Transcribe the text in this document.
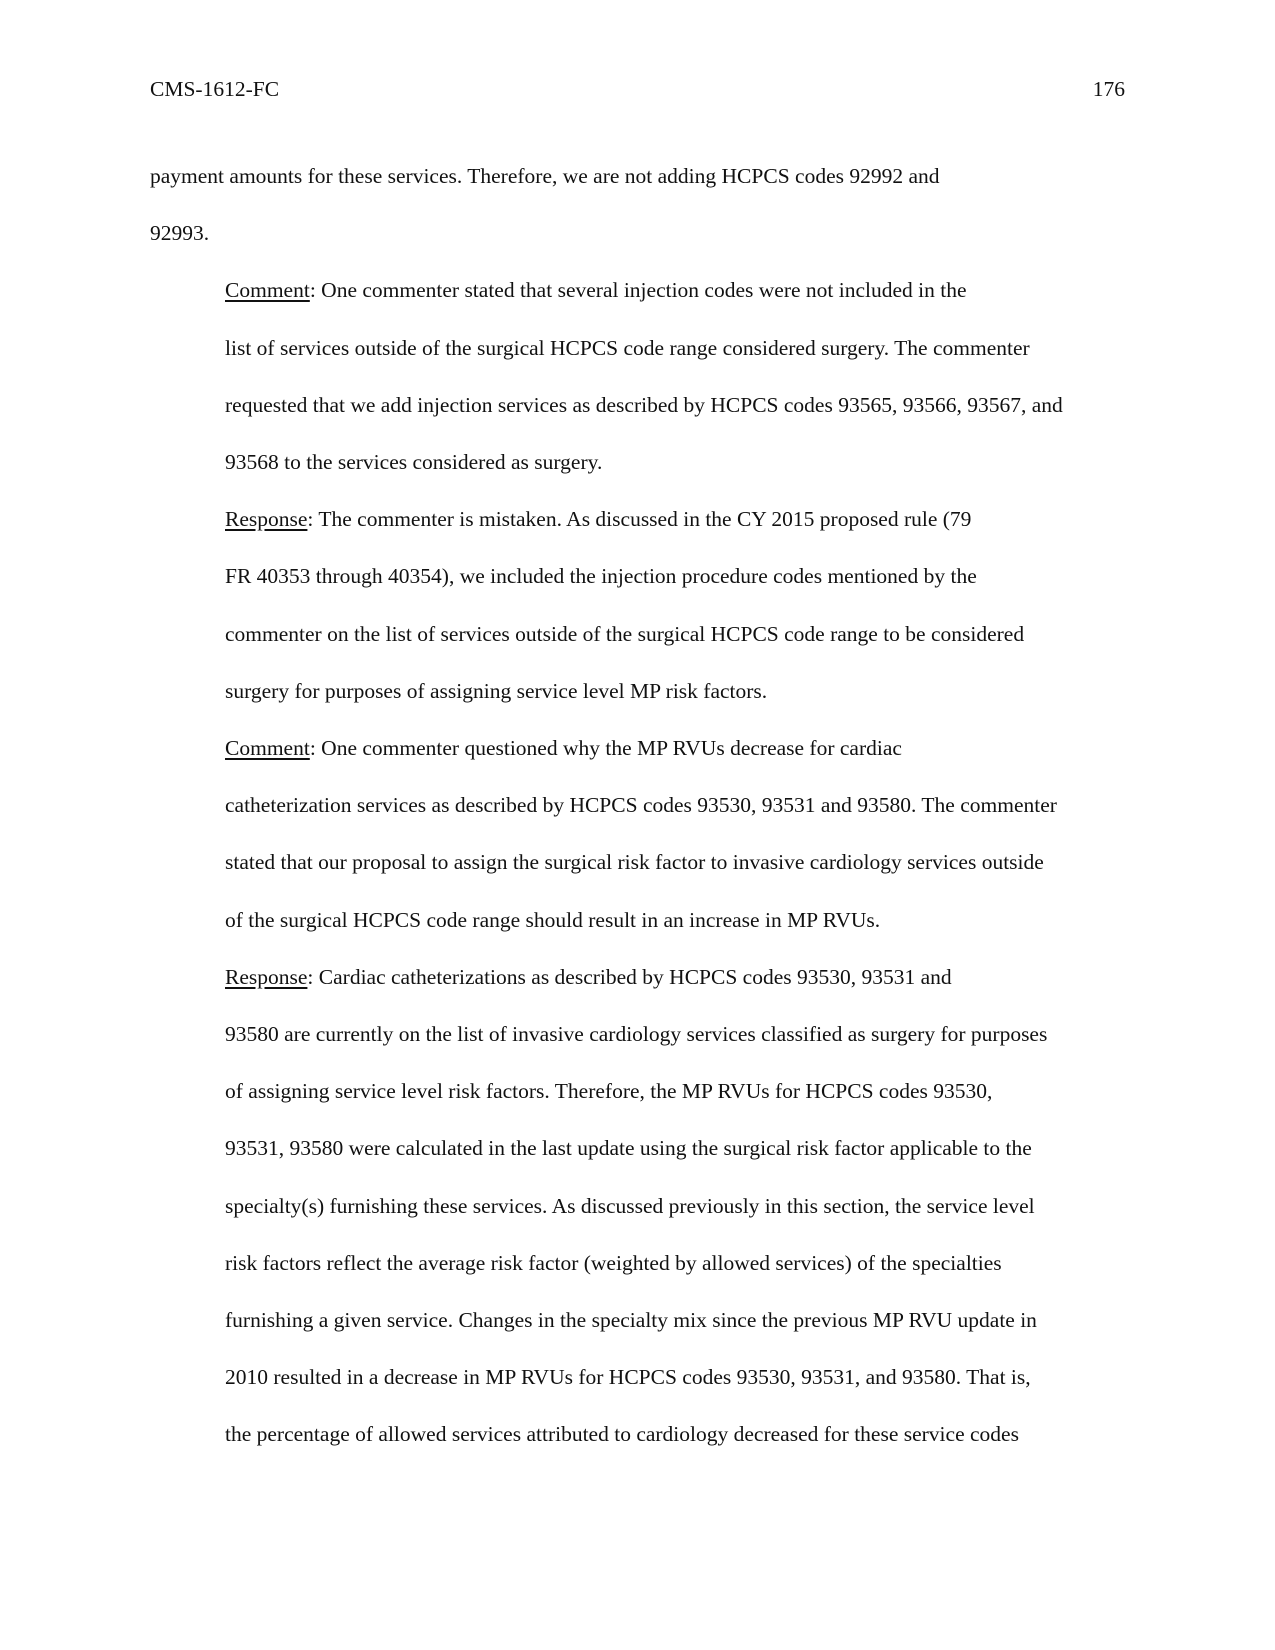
CMS-1612-FC	176

payment amounts for these services. Therefore, we are not adding HCPCS codes 92992 and
92993.

Comment: One commenter stated that several injection codes were not included in the
list of services outside of the surgical HCPCS code range considered surgery. The commenter
requested that we add injection services as described by HCPCS codes 93565, 93566, 93567, and
93568 to the services considered as surgery.

Response: The commenter is mistaken. As discussed in the CY 2015 proposed rule (79
FR 40353 through 40354), we included the injection procedure codes mentioned by the
commenter on the list of services outside of the surgical HCPCS code range to be considered
surgery for purposes of assigning service level MP risk factors.

Comment: One commenter questioned why the MP RVUs decrease for cardiac
catheterization services as described by HCPCS codes 93530, 93531 and 93580. The commenter
stated that our proposal to assign the surgical risk factor to invasive cardiology services outside
of the surgical HCPCS code range should result in an increase in MP RVUs.

Response: Cardiac catheterizations as described by HCPCS codes 93530, 93531 and
93580 are currently on the list of invasive cardiology services classified as surgery for purposes
of assigning service level risk factors. Therefore, the MP RVUs for HCPCS codes 93530,
93531, 93580 were calculated in the last update using the surgical risk factor applicable to the
specialty(s) furnishing these services. As discussed previously in this section, the service level
risk factors reflect the average risk factor (weighted by allowed services) of the specialties
furnishing a given service. Changes in the specialty mix since the previous MP RVU update in
2010 resulted in a decrease in MP RVUs for HCPCS codes 93530, 93531, and 93580. That is,
the percentage of allowed services attributed to cardiology decreased for these service codes
